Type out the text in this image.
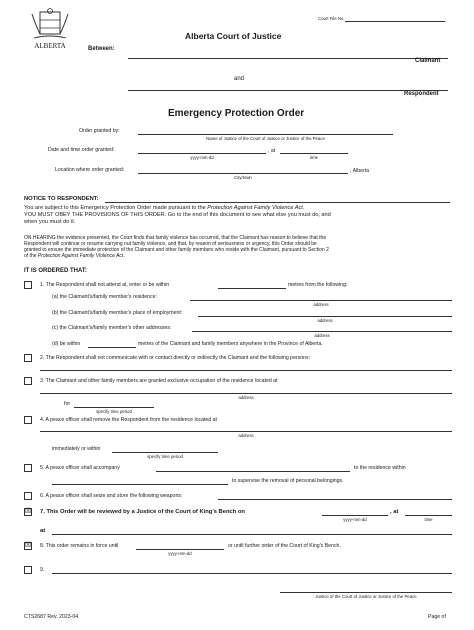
Court File No.
ALBERTA
Alberta Court of Justice
Between:
Claimant
and
Respondent
Emergency Protection Order
Order granted by:
Name of Justice of the Court of Justice or Justice of the Peace
Date and time order granted:	, at
yyyy-mm-dd	time
Location where order granted:	, Alberta
City/town
NOTICE TO RESPONDENT:
You are subject to this Emergency Protection Order made pursuant to the Protection Against Family Violence Act.
YOU MUST OBEY THE PROVISIONS OF THIS ORDER. Go to the end of this document to see what else you must do, and
when you must do it.
ON HEARING the evidence presented, the Court finds that family violence has occurred, that the Claimant has reason to believe that the
Respondent will continue or resume carrying out family violence, and that, by reason of seriousness or urgency, this Order should be
granted to ensure the immediate protection of the Claimant and other family members who reside with the Claimant, pursuant to Section 2
of the Protection Against Family Violence Act.
IT IS ORDERED THAT:
1. The Respondent shall not attend at, enter or be within	metres from the following:
(a) the Claimant's/family member's residence:
address
(b) the Claimant's/family member's place of employment:
address
(c) the Claimant's/family member's other addresses:
address
(d) be within	metres of the Claimant and family members anywhere in the Province of Alberta.
2. The Respondent shall not communicate with or contact directly or indirectly the Claimant and the following persons:
3. The Claimant and other family members are granted exclusive occupation of the residence located at
address
for
specify time period
4. A peace officer shall remove the Respondent from the residence located at
address
immediately or within
specify time period
5. A peace officer shall accompany	to the residence within
to supervise the removal of personal belongings.
6. A peace officer shall seize and store the following weapons:
☒ 7. This Order will be reviewed by a Justice of the Court of King's Bench on	, at
yyyy-mm-dd	time
at
☒ 8. This order remains in force until	or until further order of the Court of King's Bench.
yyyy-mm-dd
9.
Justice of the Court of Justice or Justice of the Peace
CTS2687 Rev. 2023-04	Page of
